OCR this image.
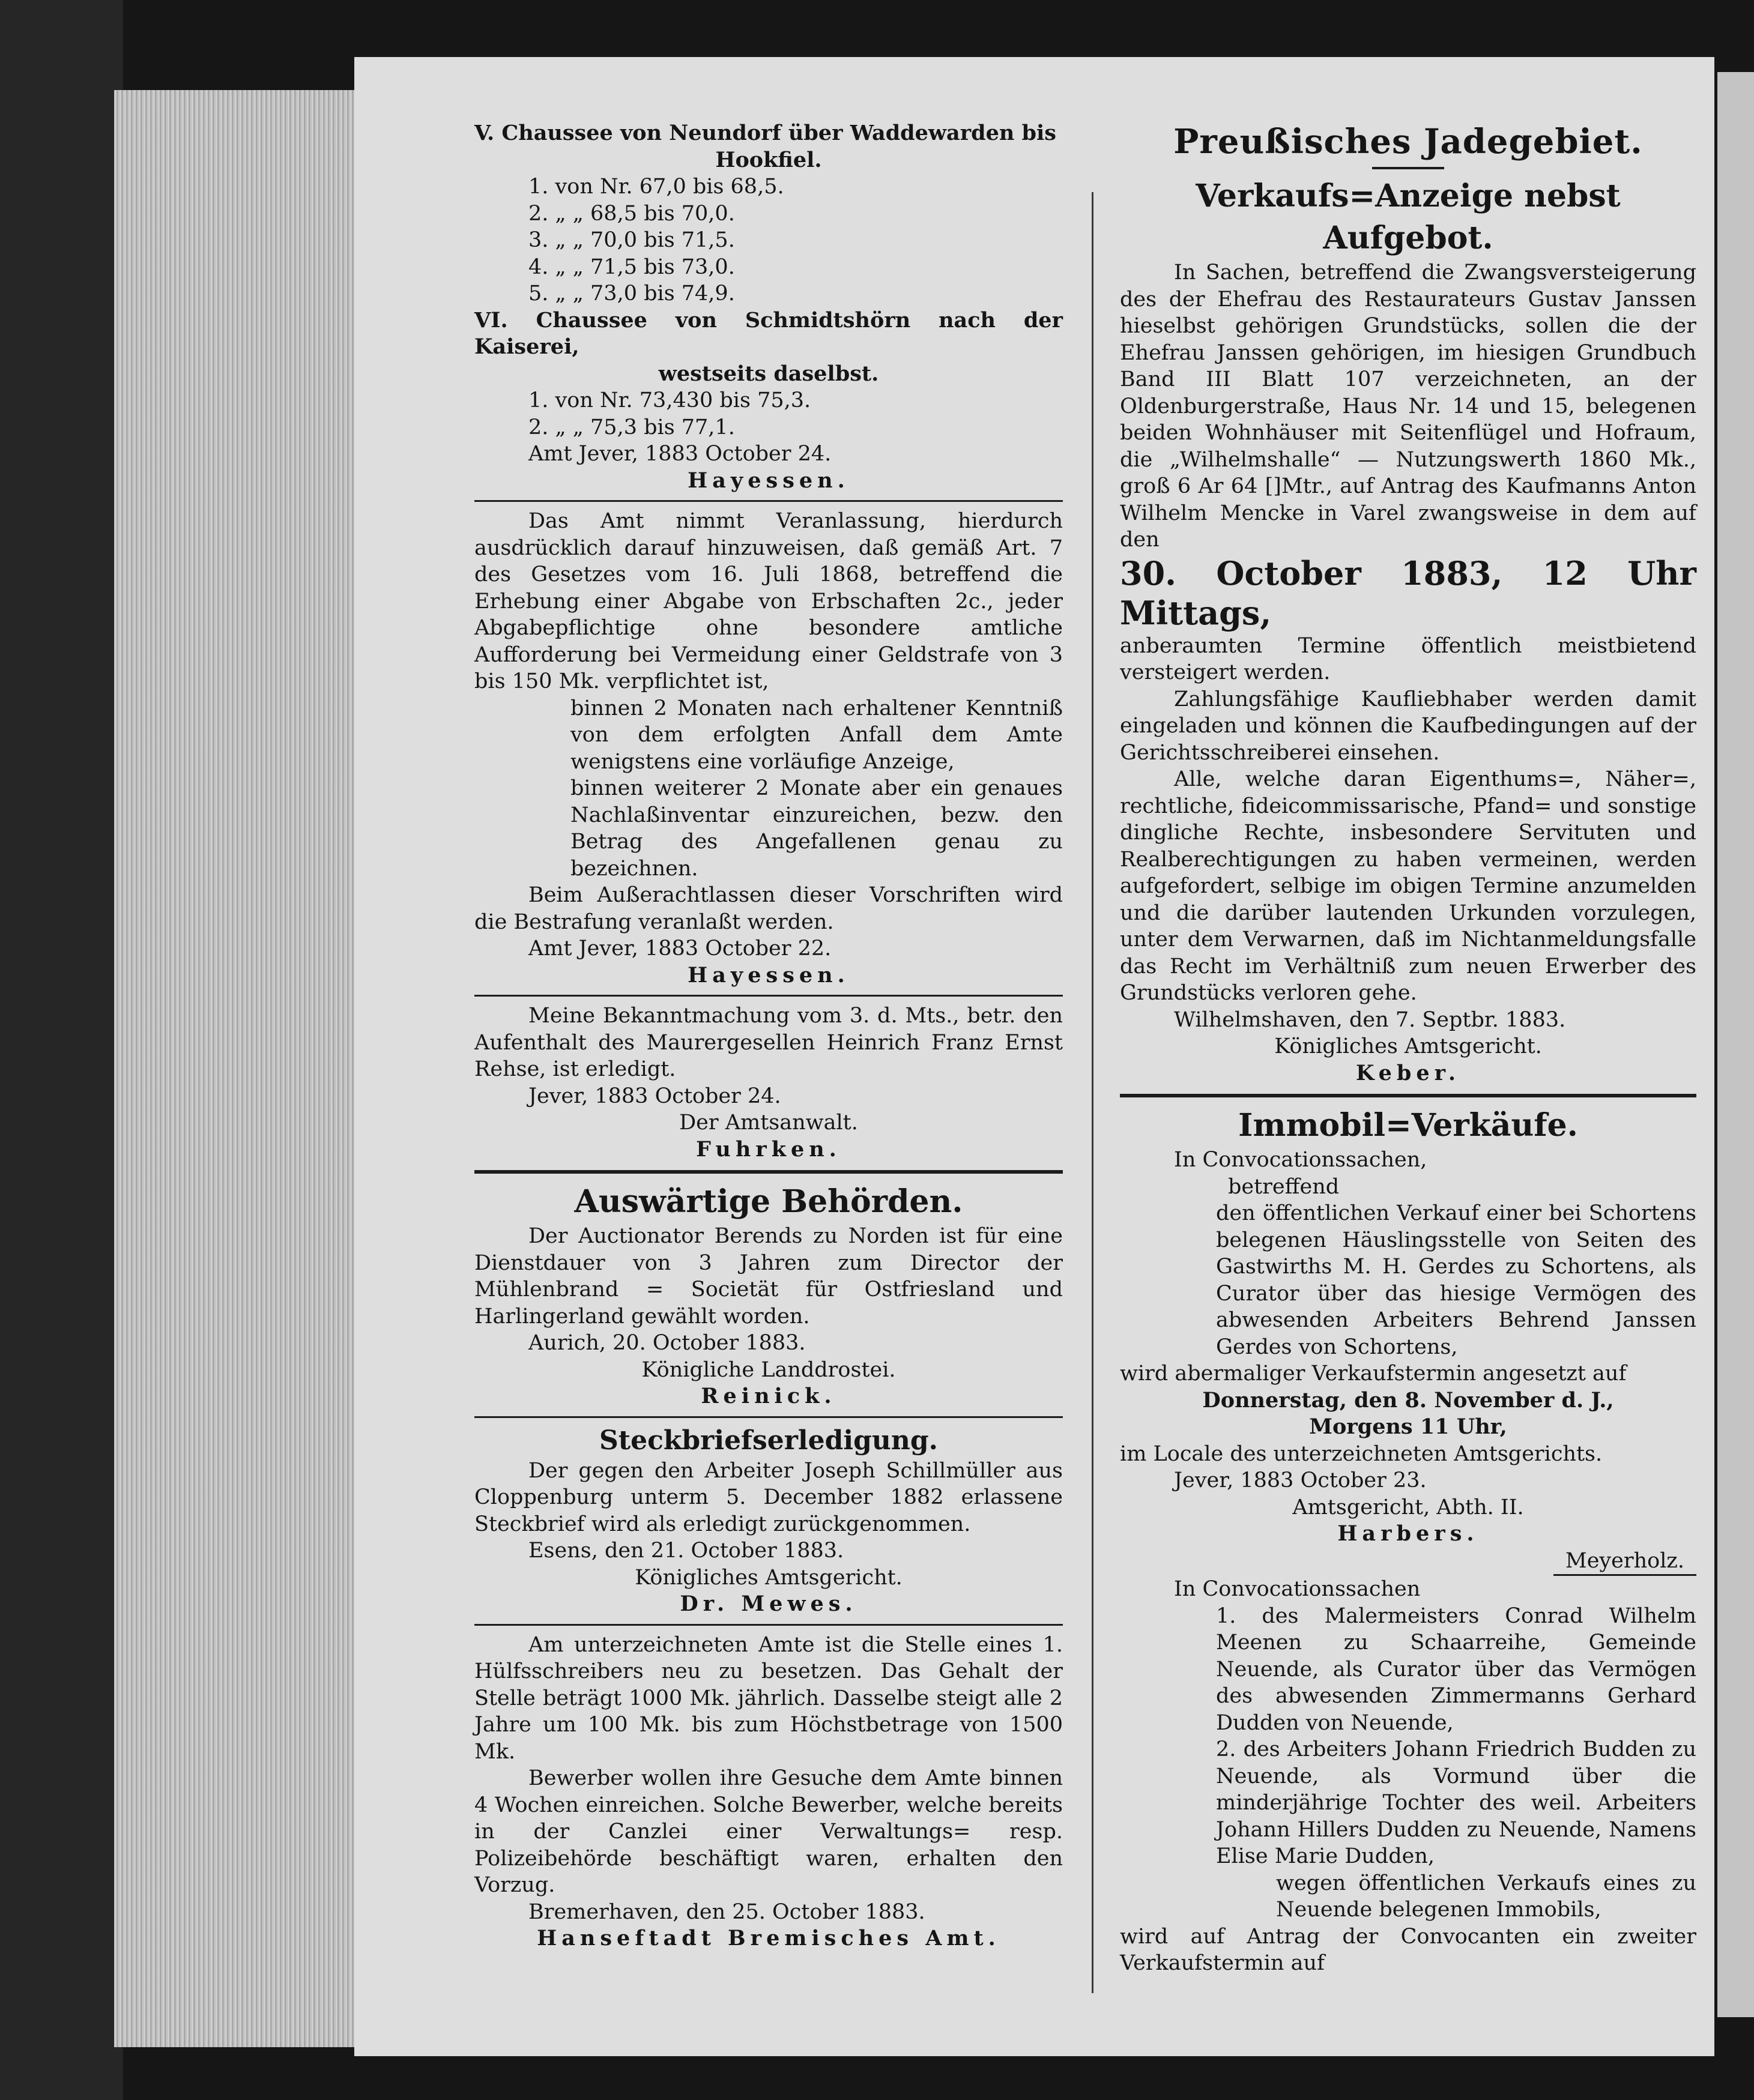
V. Chaussee von Neundorf über Waddewarden bis

Hookfiel.

1. von Nr. 67,0 bis 68,5.

2. „ „ 68,5 bis 70,0.

3. „ „ 70,0 bis 71,5.

4. „ „ 71,5 bis 73,0.

5. „ „ 73,0 bis 74,9.

VI. Chaussee von Schmidtshörn nach der Kaiserei,

westseits daselbst.

1. von Nr. 73,430 bis 75,3.

2. „ „ 75,3 bis 77,1.

Amt Jever, 1883 October 24.

Hayessen.

Das Amt nimmt Veranlassung, hierdurch ausdrücklich darauf hinzuweisen, daß gemäß Art. 7 des Gesetzes vom 16. Juli 1868, betreffend die Erhebung einer Abgabe von Erbschaften 2c., jeder Abgabepflichtige ohne besondere amtliche Aufforderung bei Vermeidung einer Geldstrafe von 3 bis 150 Mk. verpflichtet ist,

binnen 2 Monaten nach erhaltener Kenntniß von dem erfolgten Anfall dem Amte wenigstens eine vorläufige Anzeige,

binnen weiterer 2 Monate aber ein genaues Nachlaßinventar einzureichen, bezw. den Betrag des Angefallenen genau zu bezeichnen.

Beim Außerachtlassen dieser Vorschriften wird die Bestrafung veranlaßt werden.

Amt Jever, 1883 October 22.

Hayessen.

Meine Bekanntmachung vom 3. d. Mts., betr. den Aufenthalt des Maurergesellen Heinrich Franz Ernst Rehse, ist erledigt.

Jever, 1883 October 24.

Der Amtsanwalt.

Fuhrken.

Auswärtige Behörden.

Der Auctionator Berends zu Norden ist für eine Dienstdauer von 3 Jahren zum Director der Mühlenbrand = Societät für Ostfriesland und Harlingerland gewählt worden.

Aurich, 20. October 1883.

Königliche Landdrostei.

Reinick.

Steckbriefserledigung.

Der gegen den Arbeiter Joseph Schillmüller aus Cloppenburg unterm 5. December 1882 erlassene Steckbrief wird als erledigt zurückgenommen.

Esens, den 21. October 1883.

Königliches Amtsgericht.

Dr. Mewes.

Am unterzeichneten Amte ist die Stelle eines 1. Hülfsschreibers neu zu besetzen. Das Gehalt der Stelle beträgt 1000 Mk. jährlich. Dasselbe steigt alle 2 Jahre um 100 Mk. bis zum Höchstbetrage von 1500 Mk.

Bewerber wollen ihre Gesuche dem Amte binnen 4 Wochen einreichen. Solche Bewerber, welche bereits in der Canzlei einer Verwaltungs= resp. Polizeibehörde beschäftigt waren, erhalten den Vorzug.

Bremerhaven, den 25. October 1883.

Hanseftadt Bremisches Amt.

Preußisches Jadegebiet.

Verkaufs=Anzeige nebst Aufgebot.

In Sachen, betreffend die Zwangsversteigerung des der Ehefrau des Restaurateurs Gustav Janssen hieselbst gehörigen Grundstücks, sollen die der Ehefrau Janssen gehörigen, im hiesigen Grundbuch Band III Blatt 107 verzeichneten, an der Oldenburgerstraße, Haus Nr. 14 und 15, belegenen beiden Wohnhäuser mit Seitenflügel und Hofraum, die „Wilhelmshalle“ — Nutzungswerth 1860 Mk., groß 6 Ar 64 []Mtr., auf Antrag des Kaufmanns Anton Wilhelm Mencke in Varel zwangsweise in dem auf den

30. October 1883, 12 Uhr Mittags,

anberaumten Termine öffentlich meistbietend versteigert werden.

Zahlungsfähige Kaufliebhaber werden damit eingeladen und können die Kaufbedingungen auf der Gerichtsschreiberei einsehen.

Alle, welche daran Eigenthums=, Näher=, rechtliche, fideicommissarische, Pfand= und sonstige dingliche Rechte, insbesondere Servituten und Realberechtigungen zu haben vermeinen, werden aufgefordert, selbige im obigen Termine anzumelden und die darüber lautenden Urkunden vorzulegen, unter dem Verwarnen, daß im Nichtanmeldungsfalle das Recht im Verhältniß zum neuen Erwerber des Grundstücks verloren gehe.

Wilhelmshaven, den 7. Septbr. 1883.

Königliches Amtsgericht.

Keber.

Immobil=Verkäufe.

In Convocationssachen,

betreffend

den öffentlichen Verkauf einer bei Schortens belegenen Häuslingsstelle von Seiten des Gastwirths M. H. Gerdes zu Schortens, als Curator über das hiesige Vermögen des abwesenden Arbeiters Behrend Janssen Gerdes von Schortens,

wird abermaliger Verkaufstermin angesetzt auf

Donnerstag, den 8. November d. J.,

Morgens 11 Uhr,

im Locale des unterzeichneten Amtsgerichts.

Jever, 1883 October 23.

Amtsgericht, Abth. II.

Harbers.

Meyerholz.

In Convocationssachen

1. des Malermeisters Conrad Wilhelm Meenen zu Schaarreihe, Gemeinde Neuende, als Curator über das Vermögen des abwesenden Zimmermanns Gerhard Dudden von Neuende,

2. des Arbeiters Johann Friedrich Budden zu Neuende, als Vormund über die minderjährige Tochter des weil. Arbeiters Johann Hillers Dudden zu Neuende, Namens Elise Marie Dudden,

wegen öffentlichen Verkaufs eines zu Neuende belegenen Immobils,

wird auf Antrag der Convocanten ein zweiter Verkaufstermin auf
